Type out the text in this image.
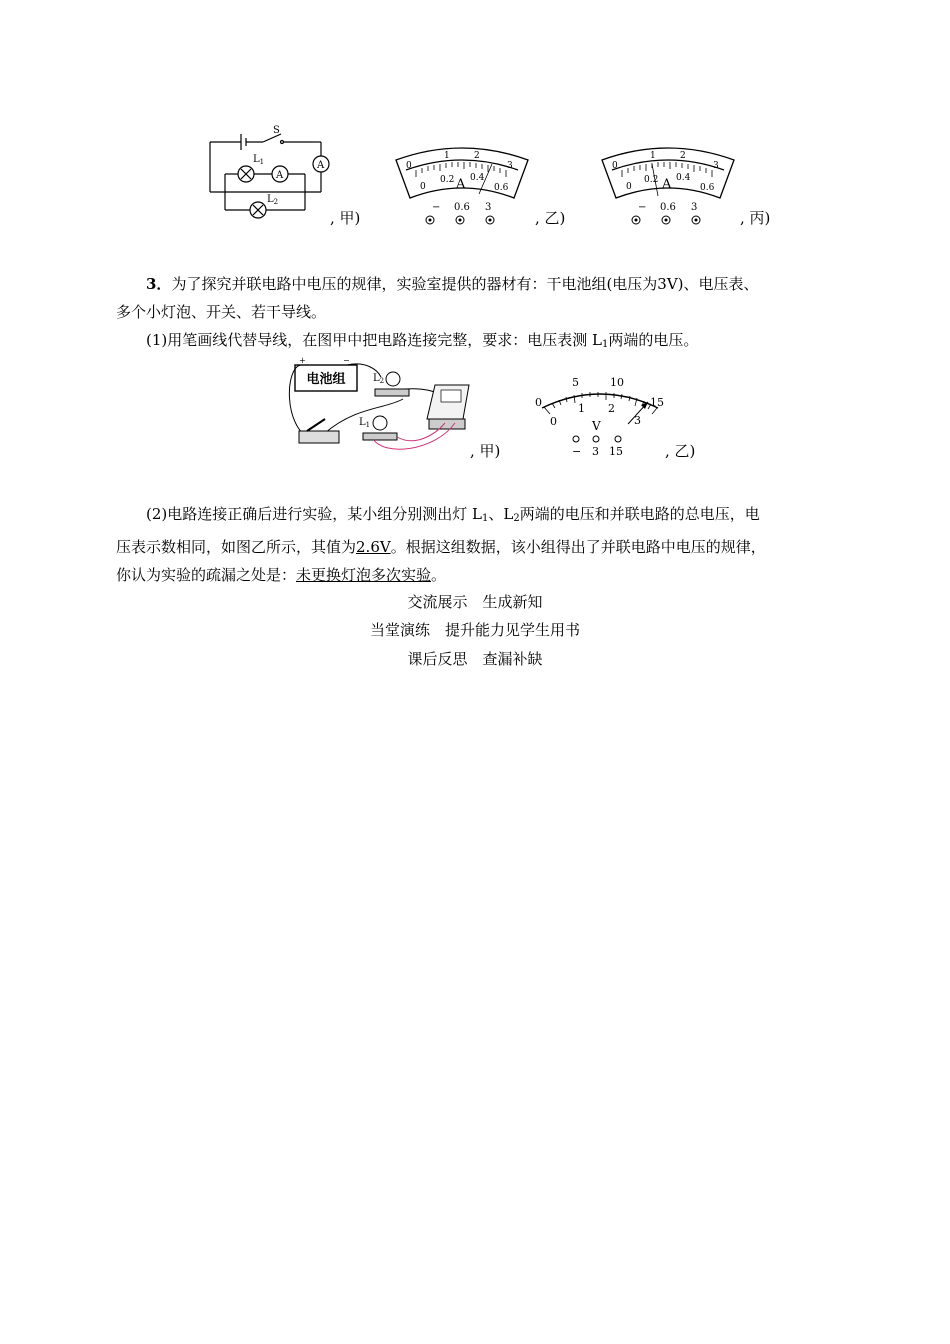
S
$L_1$
$L_2$
A
A
, 甲)
0
1	2
3
0
0.2 0.4
0.6
A
− 0.6 3
, 乙)
0
1	2
3
0
0.2 0.4
0.6
A
− 0.6 3
, 丙)

3．为了探究并联电路中电压的规律，实验室提供的器材有：干电池组(电压为3V)、电压表、

多个小灯泡、开关、若干导线。

(1)用笔画线代替导线，在图甲中把电路连接完整，要求：电压表测 $L_1$两端的电压。

+	−
电池组	$L_2$
$L_1$
, 甲)
0
5	10
15
0
1 2
3
V
− 3 15	, 乙)

(2)电路连接正确后进行实验，某小组分别测出灯 $L_1$、$L_2$两端的电压和并联电路的总电压，电

压表示数相同，如图乙所示，其值为2.6V。根据这组数据，该小组得出了并联电路中电压的规律，

你认为实验的疏漏之处是：未更换灯泡多次实验。

交流展示　生成新知
当堂演练　提升能力见学生用书
课后反思　查漏补缺
